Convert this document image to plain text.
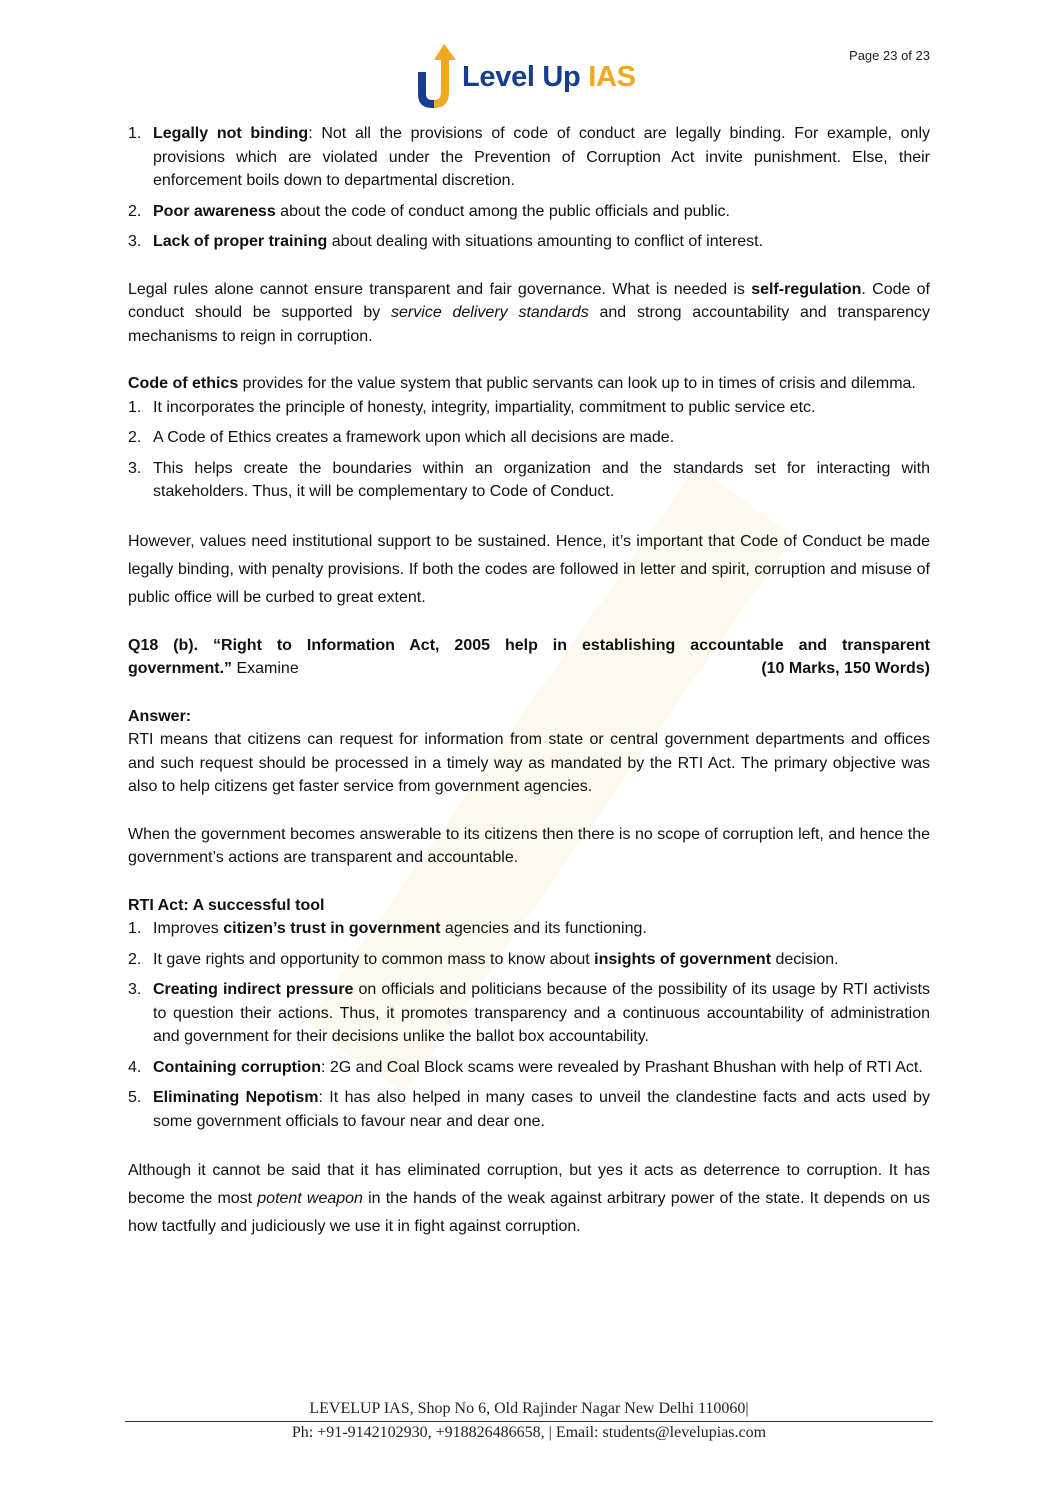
Page 23 of 23
Level Up IAS
1. Legally not binding: Not all the provisions of code of conduct are legally binding. For example, only provisions which are violated under the Prevention of Corruption Act invite punishment. Else, their enforcement boils down to departmental discretion.
2. Poor awareness about the code of conduct among the public officials and public.
3. Lack of proper training about dealing with situations amounting to conflict of interest.

Legal rules alone cannot ensure transparent and fair governance. What is needed is self-regulation. Code of conduct should be supported by service delivery standards and strong accountability and transparency mechanisms to reign in corruption.

Code of ethics provides for the value system that public servants can look up to in times of crisis and dilemma.

1. It incorporates the principle of honesty, integrity, impartiality, commitment to public service etc.
2. A Code of Ethics creates a framework upon which all decisions are made.
3. This helps create the boundaries within an organization and the standards set for interacting with stakeholders. Thus, it will be complementary to Code of Conduct.

However, values need institutional support to be sustained. Hence, it’s important that Code of Conduct be made legally binding, with penalty provisions. If both the codes are followed in letter and spirit, corruption and misuse of public office will be curbed to great extent.

Q18 (b). “Right to Information Act, 2005 help in establishing accountable and transparent

government.” Examine	(10 Marks, 150 Words)

Answer:

RTI means that citizens can request for information from state or central government departments and offices and such request should be processed in a timely way as mandated by the RTI Act. The primary objective was also to help citizens get faster service from government agencies.

When the government becomes answerable to its citizens then there is no scope of corruption left, and hence the government’s actions are transparent and accountable.

RTI Act: A successful tool

1. Improves citizen’s trust in government agencies and its functioning.
2. It gave rights and opportunity to common mass to know about insights of government decision.
3. Creating indirect pressure on officials and politicians because of the possibility of its usage by RTI activists to question their actions. Thus, it promotes transparency and a continuous accountability of administration and government for their decisions unlike the ballot box accountability.
4. Containing corruption: 2G and Coal Block scams were revealed by Prashant Bhushan with help of RTI Act.
5. Eliminating Nepotism: It has also helped in many cases to unveil the clandestine facts and acts used by some government officials to favour near and dear one.

Although it cannot be said that it has eliminated corruption, but yes it acts as deterrence to corruption. It has become the most potent weapon in the hands of the weak against arbitrary power of the state. It depends on us how tactfully and judiciously we use it in fight against corruption.

LEVELUP IAS, Shop No 6, Old Rajinder Nagar New Delhi 110060|
Ph: +91-9142102930, +918826486658, | Email: students@levelupias.com
